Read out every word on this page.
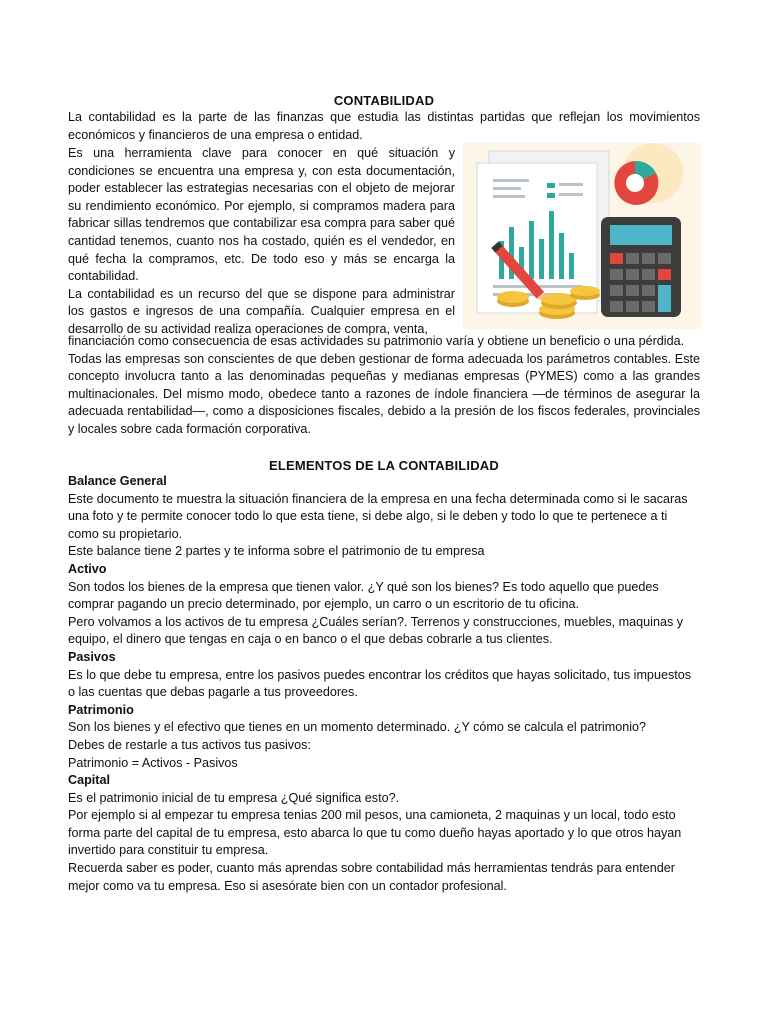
CONTABILIDAD

La contabilidad es la parte de las finanzas que estudia las distintas partidas que reflejan los movimientos económicos y financieros de una empresa o entidad.

Es una herramienta clave para conocer en qué situación y condiciones se encuentra una empresa y, con esta documentación, poder establecer las estrategias necesarias con el objeto de mejorar su rendimiento económico. Por ejemplo, si compramos madera para fabricar sillas tendremos que contabilizar esa compra para saber qué cantidad tenemos, cuanto nos ha costado, quién es el vendedor, en qué fecha la compramos, etc. De todo eso y más se encarga la contabilidad.

La contabilidad es un recurso del que se dispone para administrar los gastos e ingresos de una compañía. Cualquier empresa en el desarrollo de su actividad realiza operaciones de compra, venta,

financiación como consecuencia de esas actividades su patrimonio varía y obtiene un beneficio o una pérdida.

Todas las empresas son conscientes de que deben gestionar de forma adecuada los parámetros contables. Este concepto involucra tanto a las denominadas pequeñas y medianas empresas (PYMES) como a las grandes multinacionales. Del mismo modo, obedece tanto a razones de índole financiera —de términos de asegurar la adecuada rentabilidad—, como a disposiciones fiscales, debido a la presión de los fiscos federales, provinciales y locales sobre cada formación corporativa.

ELEMENTOS DE LA CONTABILIDAD

Balance General

Este documento te muestra la situación financiera de la empresa en una fecha determinada como si le sacaras una foto y te permite conocer todo lo que esta tiene, si debe algo, si le deben y todo lo que te pertenece a ti como su propietario.

Este balance tiene 2 partes y te informa sobre el patrimonio de tu empresa

Activo

Son todos los bienes de la empresa que tienen valor. ¿Y qué son los bienes? Es todo aquello que puedes comprar pagando un precio determinado, por ejemplo, un carro o un escritorio de tu oficina.

Pero volvamos a los activos de tu empresa ¿Cuáles serían?. Terrenos y construcciones, muebles, maquinas y equipo, el dinero que tengas en caja o en banco o el que debas cobrarle a tus clientes.

Pasivos

Es lo que debe tu empresa, entre los pasivos puedes encontrar los créditos que hayas solicitado, tus impuestos o las cuentas que debas pagarle a tus proveedores.

Patrimonio

Son los bienes y el efectivo que tienes en un momento determinado. ¿Y cómo se calcula el patrimonio?

Debes de restarle a tus activos tus pasivos:

Patrimonio = Activos - Pasivos

Capital

Es el patrimonio inicial de tu empresa ¿Qué significa esto?.

Por ejemplo si al empezar tu empresa tenias 200 mil pesos, una camioneta, 2 maquinas y un local, todo esto forma parte del capital de tu empresa, esto abarca lo que tu como dueño hayas aportado y lo que otros hayan invertido para constituir tu empresa.

Recuerda saber es poder, cuanto más aprendas sobre contabilidad más herramientas tendrás para entender mejor como va tu empresa. Eso si asesórate bien con un contador profesional.
